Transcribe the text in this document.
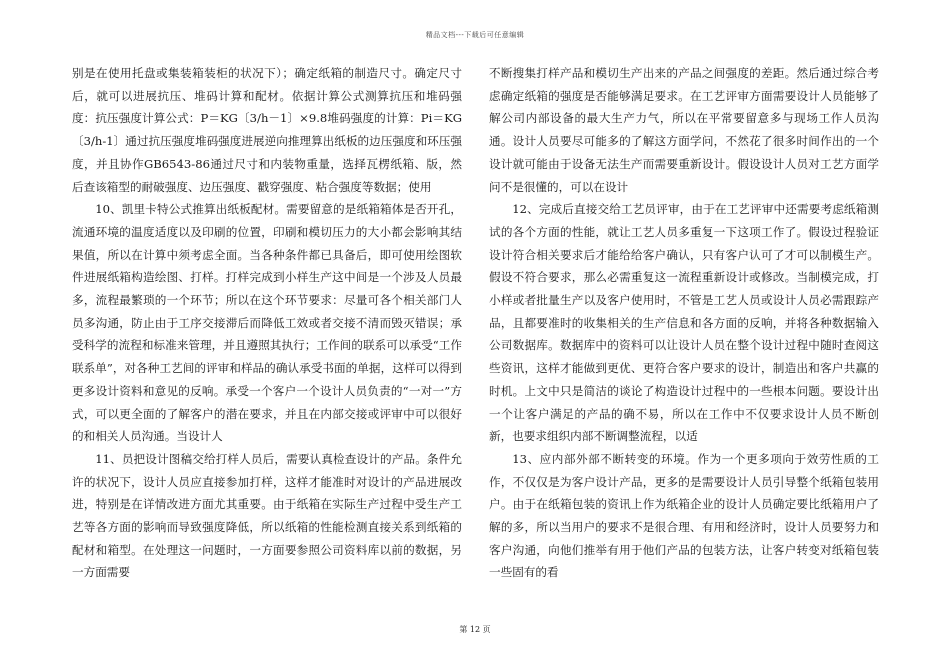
精品文档---下载后可任意编辑

别是在使用托盘或集装箱装柜的状况下）；确定纸箱的制造尺寸。确定尺寸后，就可以进展抗压、堆码计算和配材。依据计算公式测算抗压和堆码强度：抗压强度计算公式：P＝KG〔3/h－1〕×9.8堆码强度的计算：Pi＝KG〔3/h-1〕通过抗压强度堆码强度进展逆向推理算出纸板的边压强度和环压强度，并且协作GB6543-86通过尺寸和内装物重量，选择瓦楞纸箱、版，然后查该箱型的耐破强度、边压强度、戳穿强度、粘合强度等数据；使用

10、凯里卡特公式推算出纸板配材。需要留意的是纸箱箱体是否开孔，流通环境的温度适度以及印刷的位置，印刷和模切压力的大小都会影响其结果值，所以在计算中须考虑全面。当各种条件都已具备后，即可使用绘图软件进展纸箱构造绘图、打样。打样完成到小样生产这中间是一个涉及人员最多，流程最繁琐的一个环节；所以在这个环节要求：尽量可各个相关部门人员多沟通，防止由于工序交接滞后而降低工效或者交接不清而毁灭错误；承受科学的流程和标准来管理，并且遵照其执行；工作间的联系可以承受“工作联系单”，对各种工艺间的评审和样品的确认承受书面的单据，这样可以得到更多设计资料和意见的反响。承受一个客户一个设计人员负责的“一对一”方式，可以更全面的了解客户的潜在要求，并且在内部交接或评审中可以很好的和相关人员沟通。当设计人

11、员把设计图稿交给打样人员后，需要认真检查设计的产品。条件允许的状况下，设计人员应直接参加打样，这样才能准时对设计的产品进展改进，特别是在详情改进方面尤其重要。由于纸箱在实际生产过程中受生产工艺等各方面的影响而导致强度降低，所以纸箱的性能检测直接关系到纸箱的配材和箱型。在处理这一问题时，一方面要参照公司资料库以前的数据，另一方面需要

不断搜集打样产品和模切生产出来的产品之间强度的差距。然后通过综合考虑确定纸箱的强度是否能够满足要求。在工艺评审方面需要设计人员能够了解公司内部设备的最大生产力气，所以在平常要留意多与现场工作人员沟通。设计人员要尽可能多的了解这方面学问，不然花了很多时间作出的一个设计就可能由于设备无法生产而需要重新设计。假设设计人员对工艺方面学问不是很懂的，可以在设计

12、完成后直接交给工艺员评审，由于在工艺评审中还需要考虑纸箱测试的各个方面的性能，就让工艺人员多重复一下这项工作了。假设过程验证设计符合相关要求后才能给给客户确认，只有客户认可了才可以制模生产。假设不符合要求，那么必需重复这一流程重新设计或修改。当制模完成，打小样或者批量生产以及客户使用时，不管是工艺人员或设计人员必需跟踪产品，且都要准时的收集相关的生产信息和各方面的反响，并将各种数据输入公司数据库。数据库中的资料可以让设计人员在整个设计过程中随时查阅这些资讯，这样才能做到更优、更符合客户要求的设计，制造出和客户共赢的时机。上文中只是简洁的谈论了构造设计过程中的一些根本问题。要设计出一个让客户满足的产品的确不易，所以在工作中不仅要求设计人员不断创新，也要求组织内部不断调整流程，以适

13、应内部外部不断转变的环境。作为一个更多项向于效劳性质的工作，不仅仅是为客户设计产品，更多的是需要设计人员引导整个纸箱包装用户。由于在纸箱包装的资讯上作为纸箱企业的设计人员确定要比纸箱用户了解的多，所以当用户的要求不是很合理、有用和经济时，设计人员要努力和客户沟通，向他们推举有用于他们产品的包装方法，让客户转变对纸箱包装一些固有的看

第 12 页
